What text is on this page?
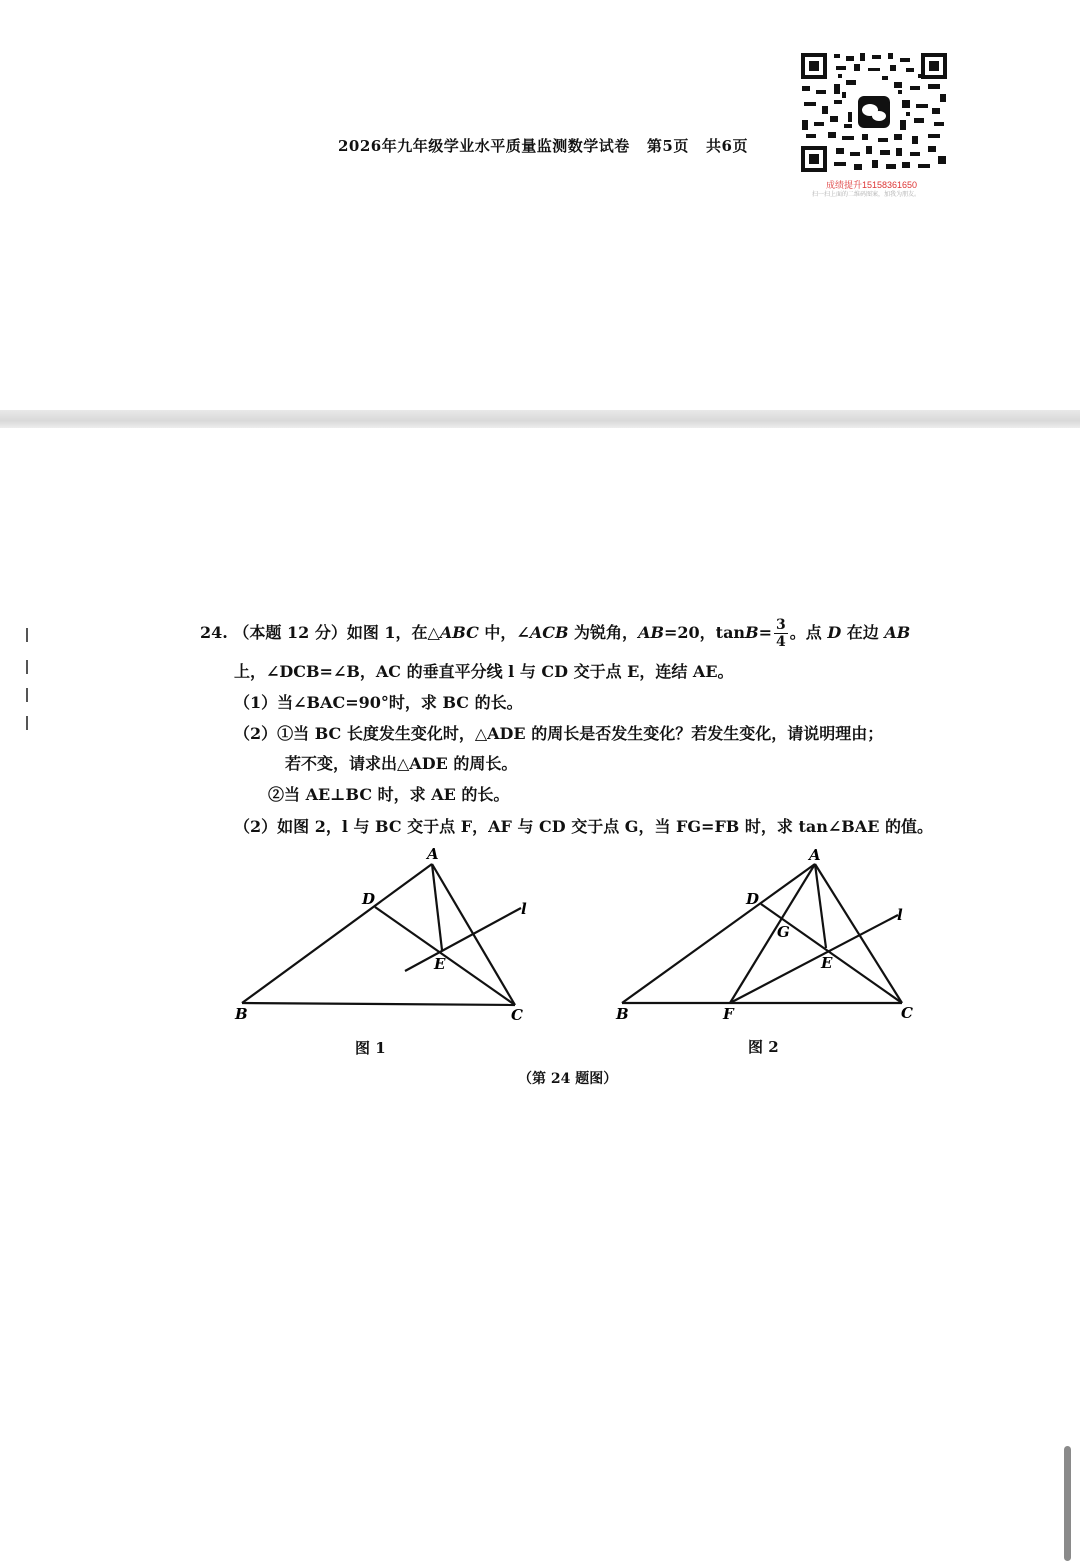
2026年九年级学业水平质量监测数学试卷 第5页 共6页
成绩提升15158361650
扫一扫上面的二维码图案，加我为朋友。
24. （本题 12 分）如图 1，在△ABC 中，∠ACB 为锐角，AB=20，$\tan B= \frac{3}{4}$ 。点 D 在边 AB
上，∠DCB=∠B，AC 的垂直平分线 l 与 CD 交于点 E，连结 AE。
（1）当∠BAC=90°时，求 BC 的长。
（2）①当 BC 长度发生变化时，△ADE 的周长是否发生变化？若发生变化，请说明理由；
若不变，请求出△ADE 的周长。
②当 AE⊥BC 时，求 AE 的长。
（2）如图 2，l 与 BC 交于点 F，AF 与 CD 交于点 G，当 FG=FB 时，求 tan∠BAE 的值。
A
B	C
D
E
l
图 1
A
B	C
D
E
F
G
l
图 2
（第 24 题图）
